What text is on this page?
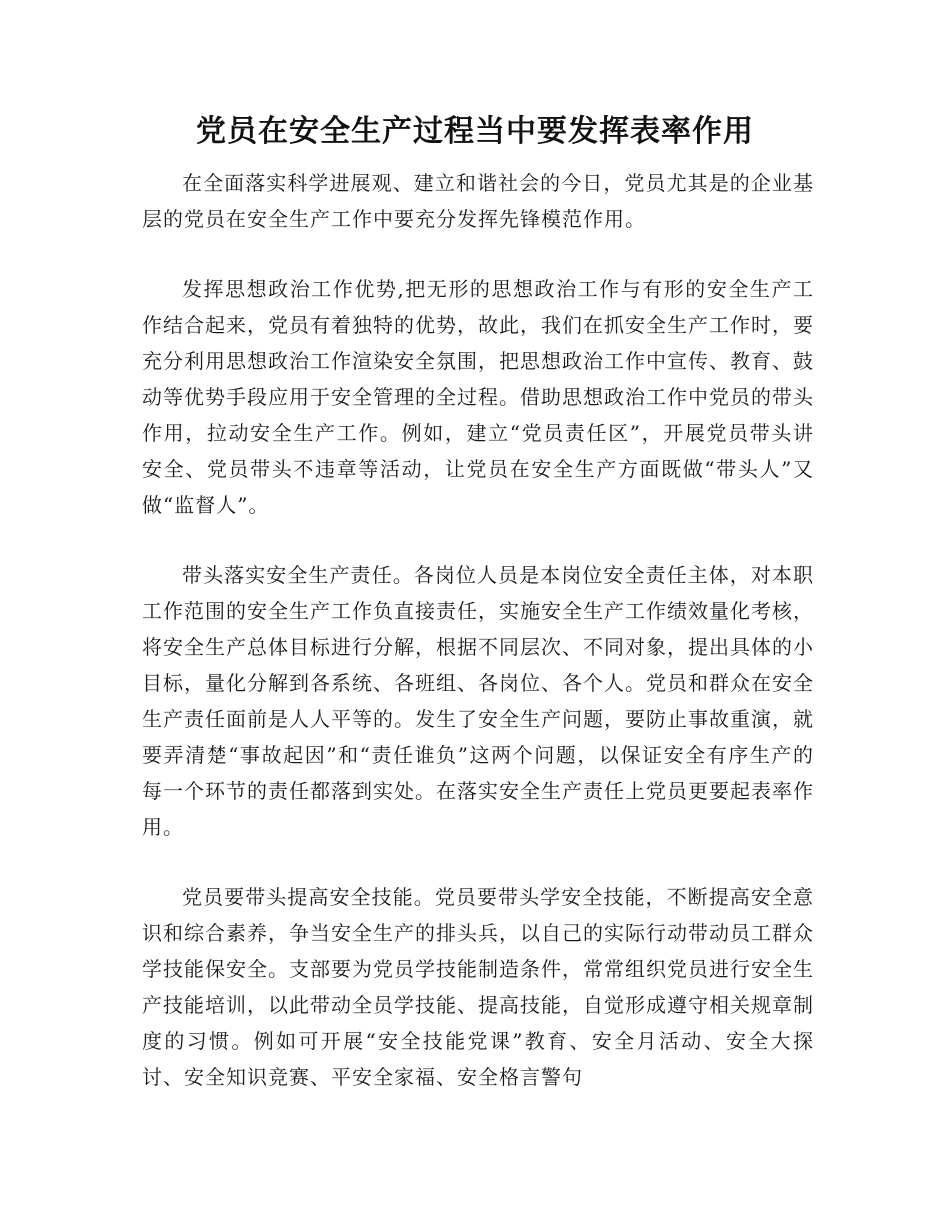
党员在安全生产过程当中要发挥表率作用

在全面落实科学进展观、建立和谐社会的今日，党员尤其是的企业基层的党员在安全生产工作中要充分发挥先锋模范作用。

发挥思想政治工作优势,把无形的思想政治工作与有形的安全生产工作结合起来，党员有着独特的优势，故此，我们在抓安全生产工作时，要充分利用思想政治工作渲染安全氛围，把思想政治工作中宣传、教育、鼓动等优势手段应用于安全管理的全过程。借助思想政治工作中党员的带头作用，拉动安全生产工作。例如，建立“党员责任区”，开展党员带头讲安全、党员带头不违章等活动，让党员在安全生产方面既做“带头人”又做“监督人”。

带头落实安全生产责任。各岗位人员是本岗位安全责任主体，对本职工作范围的安全生产工作负直接责任，实施安全生产工作绩效量化考核，将安全生产总体目标进行分解，根据不同层次、不同对象，提出具体的小目标，量化分解到各系统、各班组、各岗位、各个人。党员和群众在安全生产责任面前是人人平等的。发生了安全生产问题，要防止事故重演，就要弄清楚“事故起因”和“责任谁负”这两个问题，以保证安全有序生产的每一个环节的责任都落到实处。在落实安全生产责任上党员更要起表率作用。

党员要带头提高安全技能。党员要带头学安全技能，不断提高安全意识和综合素养，争当安全生产的排头兵，以自己的实际行动带动员工群众学技能保安全。支部要为党员学技能制造条件，常常组织党员进行安全生产技能培训，以此带动全员学技能、提高技能，自觉形成遵守相关规章制度的习惯。例如可开展“安全技能党课”教育、安全月活动、安全大探讨、安全知识竞赛、平安全家福、安全格言警句
